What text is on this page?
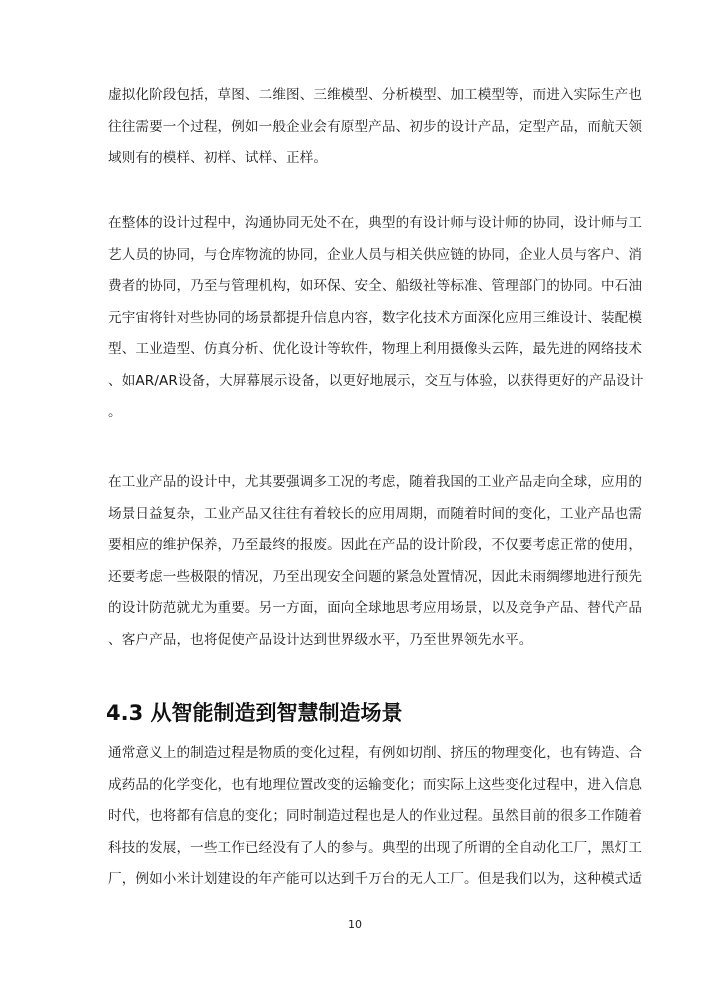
虚拟化阶段包括，草图、二维图、三维模型、分析模型、加工模型等，而进入实际生产也
往往需要一个过程，例如一般企业会有原型产品、初步的设计产品，定型产品，而航天领
域则有的模样、初样、试样、正样。
在整体的设计过程中，沟通协同无处不在，典型的有设计师与设计师的协同，设计师与工
艺人员的协同，与仓库物流的协同，企业人员与相关供应链的协同，企业人员与客户、消
费者的协同，乃至与管理机构，如环保、安全、船级社等标准、管理部门的协同。中石油
元宇宙将针对些协同的场景都提升信息内容，数字化技术方面深化应用三维设计、装配模
型、工业造型、仿真分析、优化设计等软件，物理上利用摄像头云阵，最先进的网络技术
、如AR/AR设备，大屏幕展示设备，以更好地展示，交互与体验，以获得更好的产品设计
。
在工业产品的设计中，尤其要强调多工况的考虑，随着我国的工业产品走向全球，应用的
场景日益复杂，工业产品又往往有着较长的应用周期，而随着时间的变化，工业产品也需
要相应的维护保养，乃至最终的报废。因此在产品的设计阶段，不仅要考虑正常的使用，
还要考虑一些极限的情况，乃至出现安全问题的紧急处置情况，因此未雨绸缪地进行预先
的设计防范就尤为重要。另一方面，面向全球地思考应用场景，以及竞争产品、替代产品
、客户产品，也将促使产品设计达到世界级水平，乃至世界领先水平。
4.3 从智能制造到智慧制造场景
通常意义上的制造过程是物质的变化过程，有例如切削、挤压的物理变化，也有铸造、合
成药品的化学变化，也有地理位置改变的运输变化；而实际上这些变化过程中，进入信息
时代，也将都有信息的变化；同时制造过程也是人的作业过程。虽然目前的很多工作随着
科技的发展，一些工作已经没有了人的参与。典型的出现了所谓的全自动化工厂，黑灯工
厂，例如小米计划建设的年产能可以达到千万台的无人工厂。但是我们以为，这种模式适
10
